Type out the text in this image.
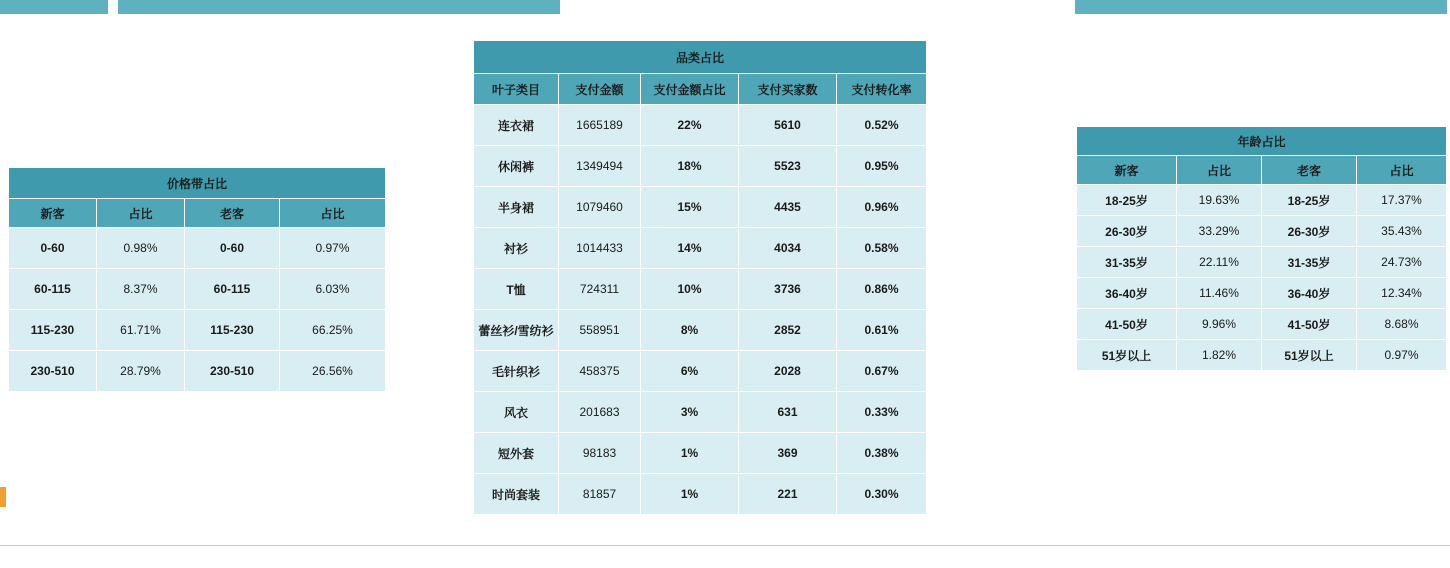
价格带占比			
新客	占比	老客	占比
0-60	0.98%	0-60	0.97%
60-115	8.37%	60-115	6.03%
115-230	61.71%	115-230	66.25%
230-510	28.79%	230-510	26.56%
品类占比				
叶子类目	支付金额	支付金额占比	支付买家数	支付转化率
连衣裙	1665189	22%	5610	0.52%
休闲裤	1349494	18%	5523	0.95%
半身裙	1079460	15%	4435	0.96%
衬衫	1014433	14%	4034	0.58%
T恤	724311	10%	3736	0.86%
蕾丝衫/雪纺衫	558951	8%	2852	0.61%
毛针织衫	458375	6%	2028	0.67%
风衣	201683	3%	631	0.33%
短外套	98183	1%	369	0.38%
时尚套装	81857	1%	221	0.30%
年龄占比			
新客	占比	老客	占比
18-25岁	19.63%	18-25岁	17.37%
26-30岁	33.29%	26-30岁	35.43%
31-35岁	22.11%	31-35岁	24.73%
36-40岁	11.46%	36-40岁	12.34%
41-50岁	9.96%	41-50岁	8.68%
51岁以上	1.82%	51岁以上	0.97%
